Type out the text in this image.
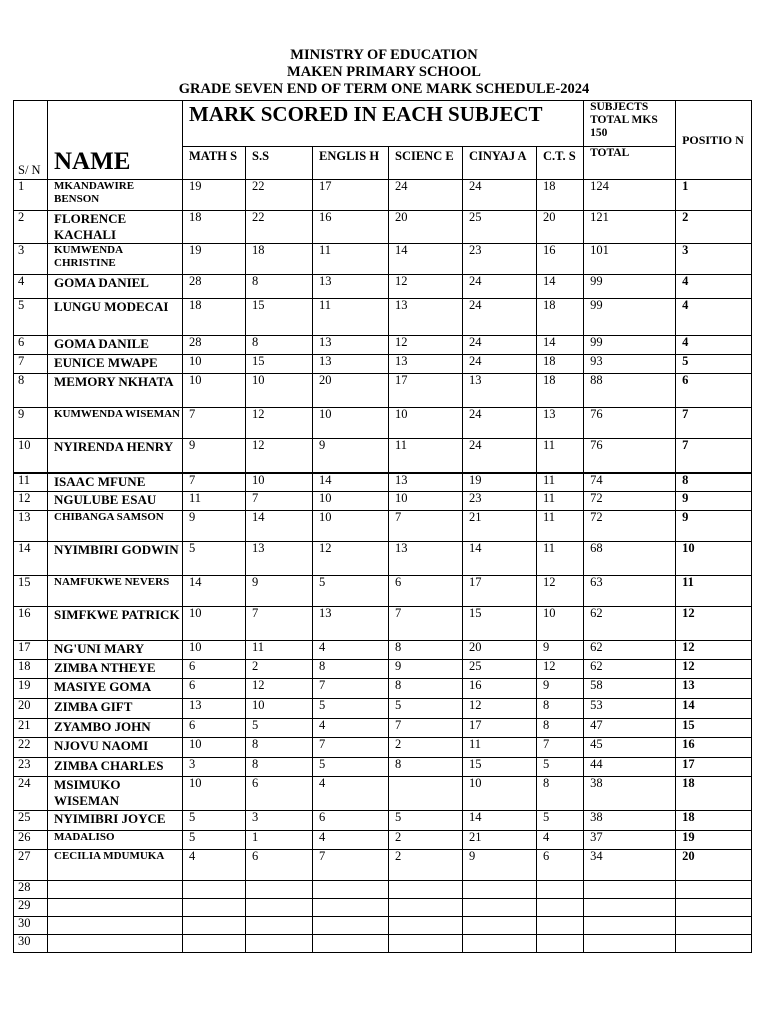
MINISTRY OF EDUCATION
MAKEN PRIMARY SCHOOL
GRADE SEVEN END OF TERM ONE MARK SCHEDULE-2024
S/ N	NAME	MARK SCORED IN EACH SUBJECT						SUBJECTS TOTAL MKS 150	POSITIO N
		MATH S	S.S	ENGLIS H	SCIENC E	CINYAJ A	C.T. S	TOTAL	
1	MKANDAWIRE BENSON	19	22	17	24	24	18	124	1
2	FLORENCE KACHALI	18	22	16	20	25	20	121	2
3	KUMWENDA CHRISTINE	19	18	11	14	23	16	101	3
4	GOMA DANIEL	28	8	13	12	24	14	99	4
5	LUNGU MODECAI	18	15	11	13	24	18	99	4
6	GOMA DANILE	28	8	13	12	24	14	99	4
7	EUNICE MWAPE	10	15	13	13	24	18	93	5
8	MEMORY NKHATA	10	10	20	17	13	18	88	6
9	KUMWENDA WISEMAN	7	12	10	10	24	13	76	7
10	NYIRENDA HENRY	9	12	9	11	24	11	76	7
11	ISAAC MFUNE	7	10	14	13	19	11	74	8
12	NGULUBE ESAU	11	7	10	10	23	11	72	9
13	CHIBANGA SAMSON	9	14	10	7	21	11	72	9
14	NYIMBIRI GODWIN	5	13	12	13	14	11	68	10
15	NAMFUKWE NEVERS	14	9	5	6	17	12	63	11
16	SIMFKWE PATRICK	10	7	13	7	15	10	62	12
17	NG'UNI MARY	10	11	4	8	20	9	62	12
18	ZIMBA NTHEYE	6	2	8	9	25	12	62	12
19	MASIYE GOMA	6	12	7	8	16	9	58	13
20	ZIMBA GIFT	13	10	5	5	12	8	53	14
21	ZYAMBO JOHN	6	5	4	7	17	8	47	15
22	NJOVU NAOMI	10	8	7	2	11	7	45	16
23	ZIMBA CHARLES	3	8	5	8	15	5	44	17
24	MSIMUKO WISEMAN	10	6	4		10	8	38	18
25	NYIMIBRI JOYCE	5	3	6	5	14	5	38	18
26	MADALISO	5	1	4	2	21	4	37	19
27	CECILIA MDUMUKA	4	6	7	2	9	6	34	20
28									
29									
30									
30									
